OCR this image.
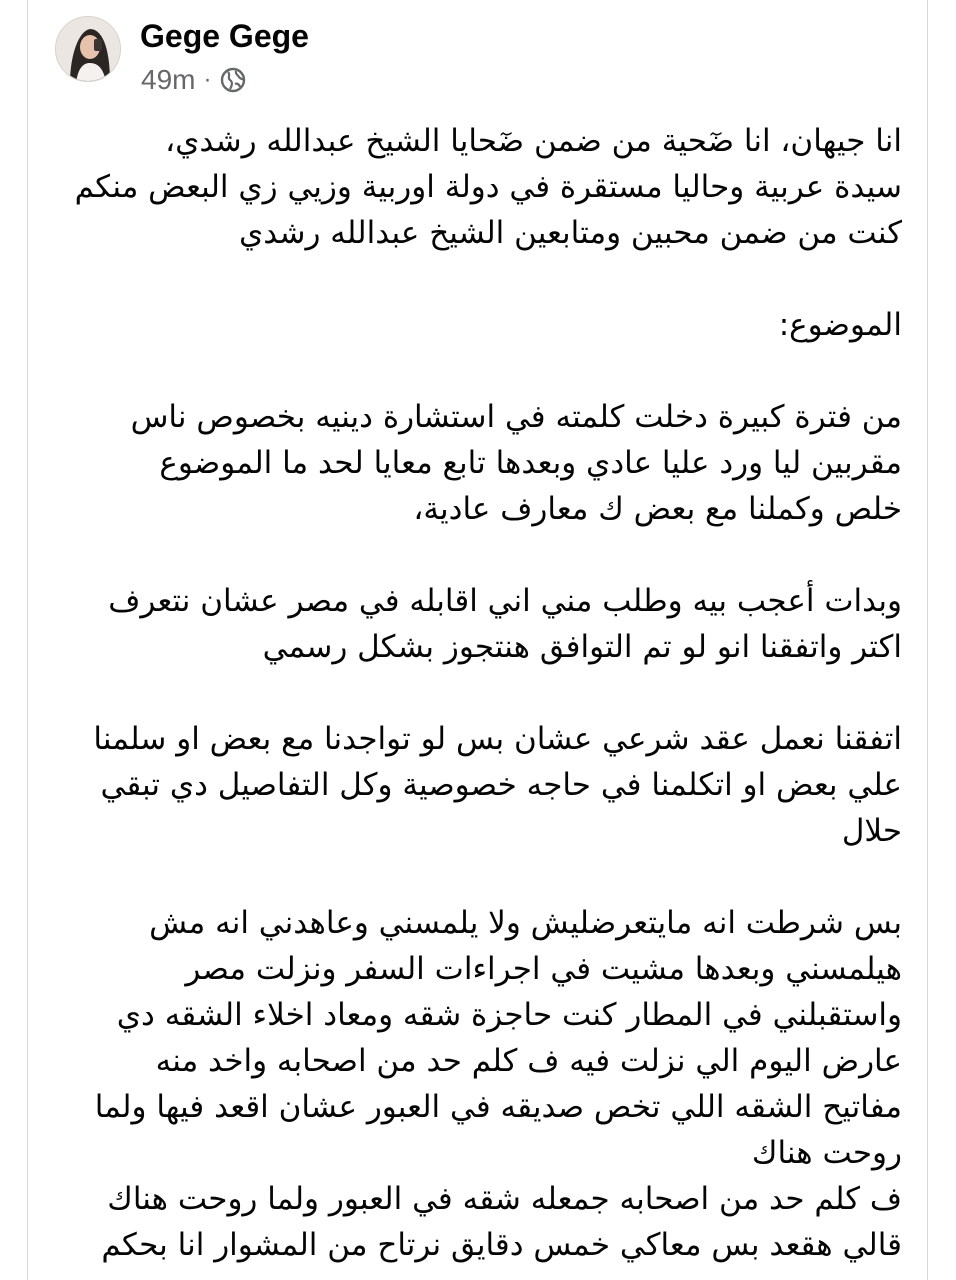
Gege Gege
49m ·

انا جيهان، انا ضٓحية من ضمن ضٓحايا الشيخ عبدالله رشدي،
سيدة عربية وحاليا مستقرة في دولة اوربية وزيي زي البعض منكم
كنت من ضمن محبين ومتابعين الشيخ عبدالله رشدي

الموضوع:

من فترة كبيرة دخلت كلمته في استشارة دينيه بخصوص ناس
مقربين ليا ورد عليا عادي وبعدها تابع معايا لحد ما الموضوع
خلص وكملنا مع بعض ك معارف عادية،

وبدات أعجب بيه وطلب مني اني اقابله في مصر عشان نتعرف
اكتر واتفقنا انو لو تم التوافق هنتجوز بشكل رسمي

اتفقنا نعمل عقد شرعي عشان بس لو تواجدنا مع بعض او سلمنا
علي بعض او اتكلمنا في حاجه خصوصية وكل التفاصيل دي تبقي
حلال

بس شرطت انه مايتعرضليش ولا يلمسني وعاهدني انه مش
هيلمسني وبعدها مشيت في اجراءات السفر ونزلت مصر
واستقبلني في المطار كنت حاجزة شقه ومعاد اخلاء الشقه دي
عارض اليوم الي نزلت فيه ف كلم حد من اصحابه واخد منه
مفاتيح الشقه اللي تخص صديقه في العبور عشان اقعد فيها ولما
روحت هناك

ف كلم حد من اصحابه جمعله شقه في العبور ولما روحت هناك
قالي هقعد بس معاكي خمس دقايق نرتاح من المشوار انا بحكم
